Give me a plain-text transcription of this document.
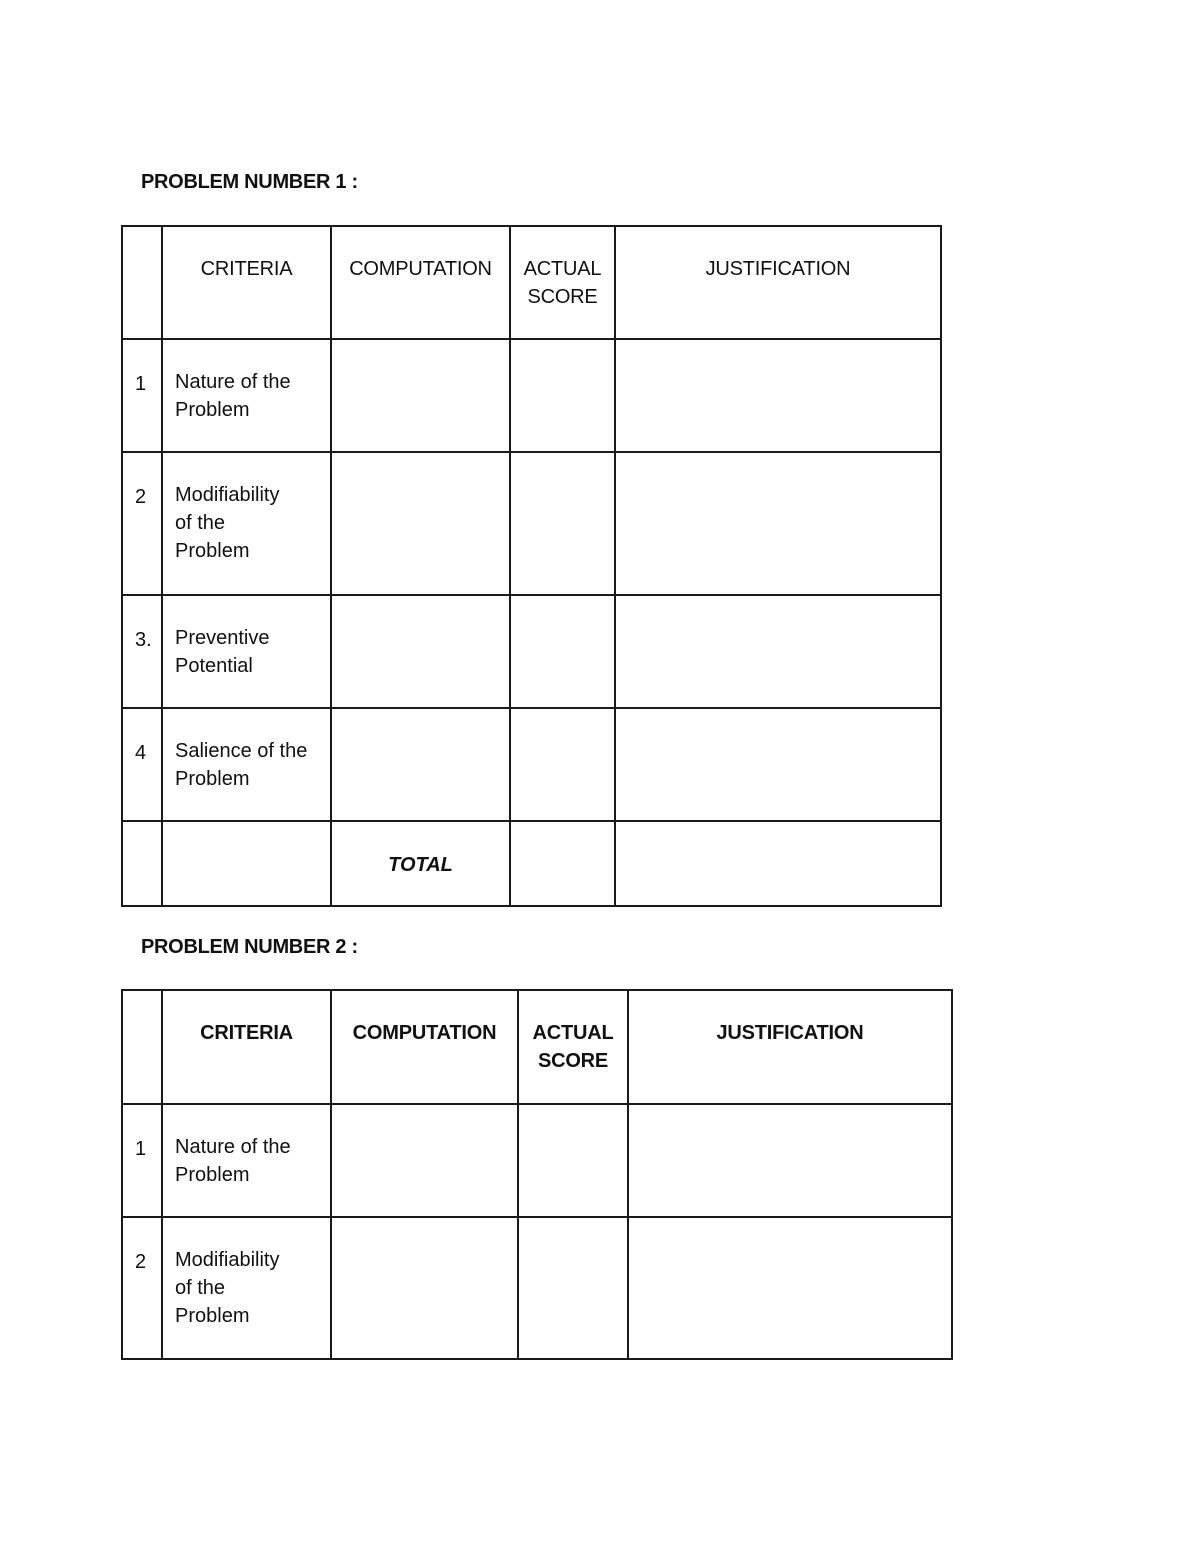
PROBLEM NUMBER 1 :
	CRITERIA	COMPUTATION	ACTUAL
SCORE	JUSTIFICATION
1	Nature of the
Problem			
2	Modifiability
of the
Problem			
3.	Preventive
Potential			
4	Salience of the
Problem			
		TOTAL		
PROBLEM NUMBER 2 :
	CRITERIA	COMPUTATION	ACTUAL
SCORE	JUSTIFICATION
1	Nature of the
Problem			
2	Modifiability
of the
Problem			
